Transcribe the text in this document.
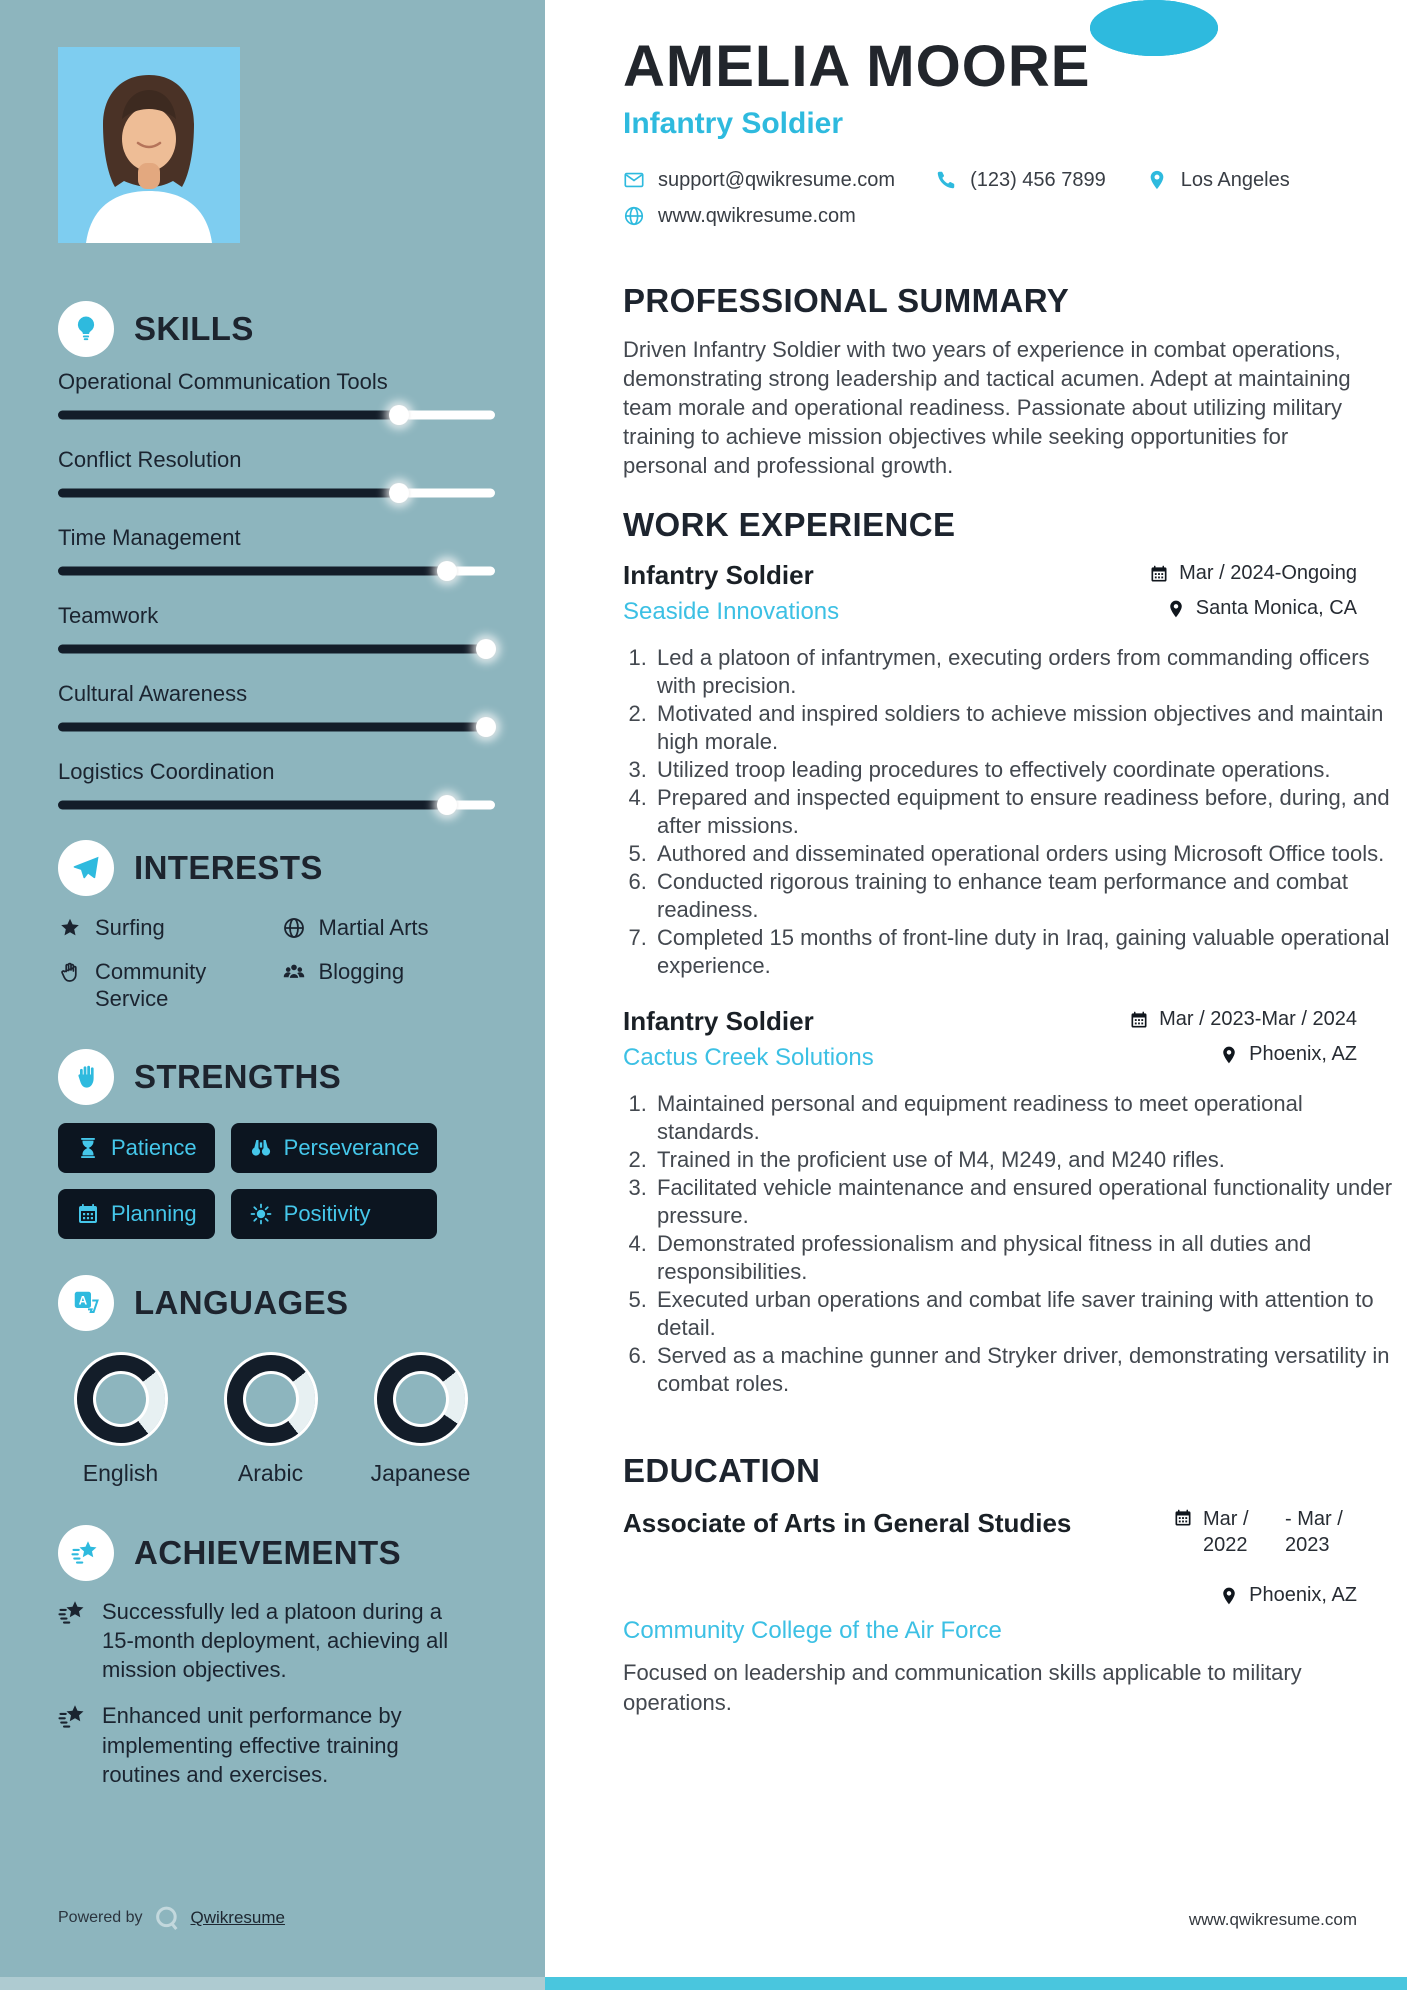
SKILLS
Operational Communication Tools
Conflict Resolution
Time Management
Teamwork
Cultural Awareness
Logistics Coordination
INTERESTS
Surfing	Martial Arts
Community Service
Blogging
STRENGTHS
Patience	Perseverance
Planning	Positivity
LANGUAGES
English	Arabic	Japanese
ACHIEVEMENTS
Successfully led a platoon during a 15-month deployment, achieving all mission objectives.
Enhanced unit performance by implementing effective training routines and exercises.
Powered by	Qwikresume
AMELIA MOORE
Infantry Soldier
support@qwikresume.com	(123) 456 7899	Los Angeles
www.qwikresume.com
PROFESSIONAL SUMMARY

Driven Infantry Soldier with two years of experience in combat operations, demonstrating strong leadership and tactical acumen. Adept at maintaining team morale and operational readiness. Passionate about utilizing military training to achieve mission objectives while seeking opportunities for personal and professional growth.

WORK EXPERIENCE
Infantry Soldier	Mar / 2024-Ongoing
Seaside Innovations	Santa Monica, CA
1. Led a platoon of infantrymen, executing orders from commanding officers with precision.
2. Motivated and inspired soldiers to achieve mission objectives and maintain high morale.
3. Utilized troop leading procedures to effectively coordinate operations.
4. Prepared and inspected equipment to ensure readiness before, during, and after missions.
5. Authored and disseminated operational orders using Microsoft Office tools.
6. Conducted rigorous training to enhance team performance and combat readiness.
7. Completed 15 months of front-line duty in Iraq, gaining valuable operational experience.
Infantry Soldier	Mar / 2023-Mar / 2024
Cactus Creek Solutions	Phoenix, AZ
1. Maintained personal and equipment readiness to meet operational standards.
2. Trained in the proficient use of M4, M249, and M240 rifles.
3. Facilitated vehicle maintenance and ensured operational functionality under pressure.
4. Demonstrated professionalism and physical fitness in all duties and responsibilities.
5. Executed urban operations and combat life saver training with attention to detail.
6. Served as a machine gunner and Stryker driver, demonstrating versatility in combat roles.
EDUCATION
Associate of Arts in General Studies	Mar / 2022
- Mar / 2023
Phoenix, AZ
Community College of the Air Force

Focused on leadership and communication skills applicable to military operations.

www.qwikresume.com
